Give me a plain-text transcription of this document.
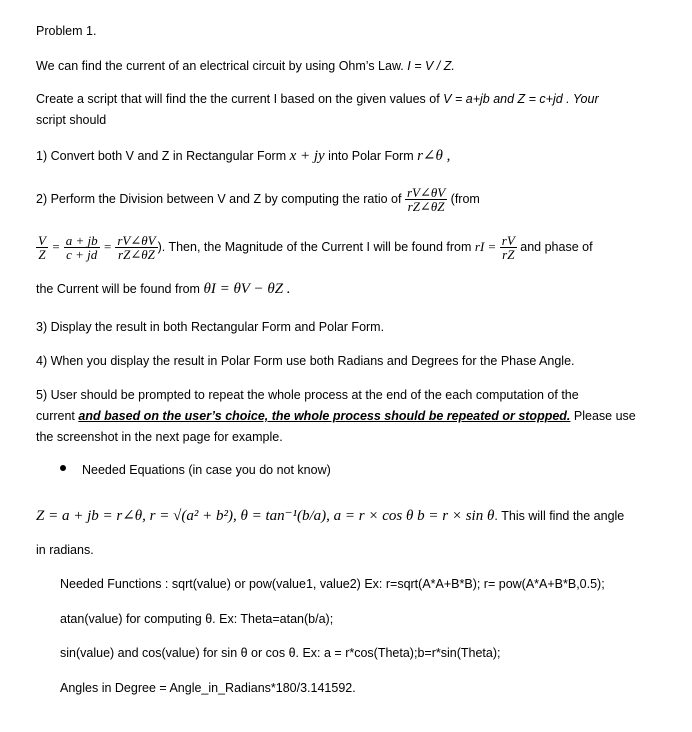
Problem 1.
We can find the current of an electrical circuit by using Ohm’s Law. I = V / Z.
Create a script that will find the the current I based on the given values of V = a+jb and Z = c+jd . Your
script should
1) Convert both V and Z in Rectangular Form x + jy into Polar Form r∠θ ,
2) Perform the Division between V and Z by computing the ratio of $\frac{rV\angle\theta V}{rZ\angle\theta Z}$ (from
$\frac{V}{Z} = \frac{a + jb}{c + jd} = \frac{rV\angle\theta V}{rZ\angle\theta Z}$ ). Then, the Magnitude of the Current I will be found from rI = $\frac{rV}{rZ}$ and phase of
the Current will be found from θI = θV − θZ .
3) Display the result in both Rectangular Form and Polar Form.
4) When you display the result in Polar Form use both Radians and Degrees for the Phase Angle.
5) User should be prompted to repeat the whole process at the end of the each computation of the
current and based on the user’s choice, the whole process should be repeated or stopped. Please use
the screenshot in the next page for example.
Needed Equations (in case you do not know)
Z = a + jb = r∠θ, r = √(a² + b²), θ = tan⁻¹(b/a), a = r × cos θ b = r × sin θ. This will find the angle
in radians.
Needed Functions : sqrt(value) or pow(value1, value2) Ex: r=sqrt(A*A+B*B); r= pow(A*A+B*B,0.5);
atan(value) for computing θ. Ex: Theta=atan(b/a);
sin(value) and cos(value) for sin θ or cos θ. Ex: a = r*cos(Theta);b=r*sin(Theta);
Angles in Degree = Angle_in_Radians*180/3.141592.
